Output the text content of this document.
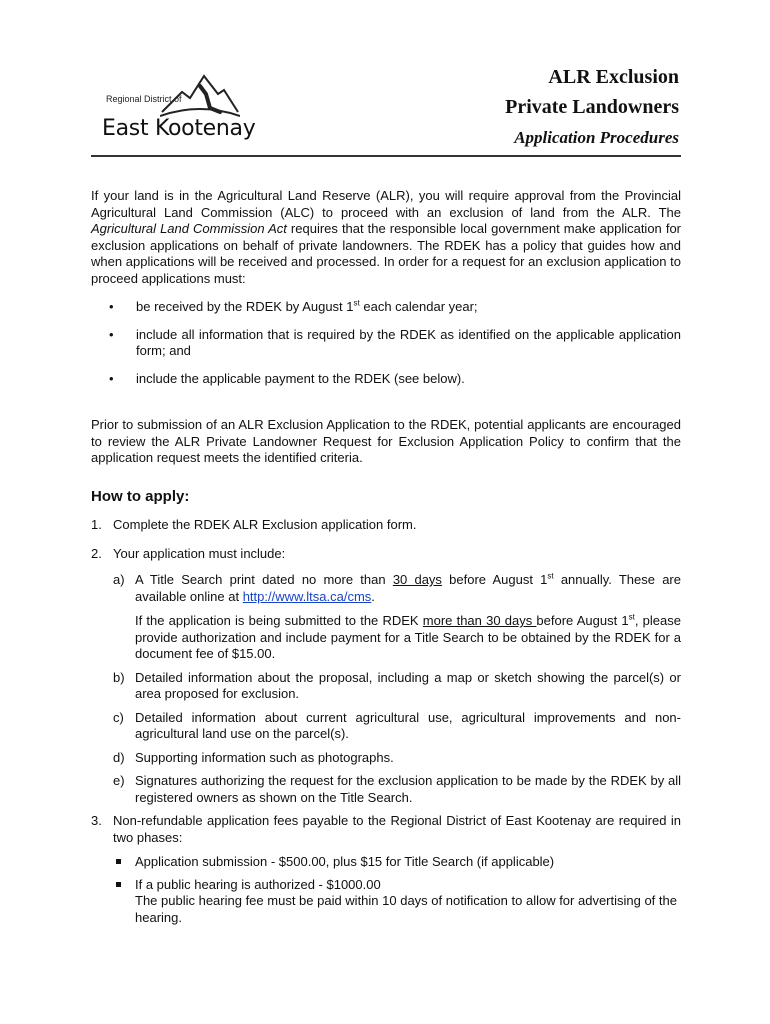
Regional District of
East Kootenay
ALR Exclusion
Private Landowners
Application Procedures

If your land is in the Agricultural Land Reserve (ALR), you will require approval from the Provincial Agricultural Land Commission (ALC) to proceed with an exclusion of land from the ALR. The Agricultural Land Commission Act requires that the responsible local government make application for exclusion applications on behalf of private landowners. The RDEK has a policy that guides how and when applications will be received and processed. In order for a request for an exclusion application to proceed applications must:

• be received by the RDEK by August 1st each calendar year;
• include all information that is required by the RDEK as identified on the applicable application form; and
• include the applicable payment to the RDEK (see below).

Prior to submission of an ALR Exclusion Application to the RDEK, potential applicants are encouraged to review the ALR Private Landowner Request for Exclusion Application Policy to confirm that the application request meets the identified criteria.

How to apply:
1. Complete the RDEK ALR Exclusion application form.
2. Your application must include:
a) A Title Search print dated no more than 30 days before August 1st annually. These are available online at http://www.ltsa.ca/cms.
If the application is being submitted to the RDEK more than 30 days before August 1st, please provide authorization and include payment for a Title Search to be obtained by the RDEK for a document fee of $15.00.
b) Detailed information about the proposal, including a map or sketch showing the parcel(s) or area proposed for exclusion.
c) Detailed information about current agricultural use, agricultural improvements and non-agricultural land use on the parcel(s).
d) Supporting information such as photographs.
e) Signatures authorizing the request for the exclusion application to be made by the RDEK by all registered owners as shown on the Title Search.
3. Non-refundable application fees payable to the Regional District of East Kootenay are required in two phases:
Application submission - $500.00, plus $15 for Title Search (if applicable)
If a public hearing is authorized - $1000.00
The public hearing fee must be paid within 10 days of notification to allow for advertising of the hearing.
